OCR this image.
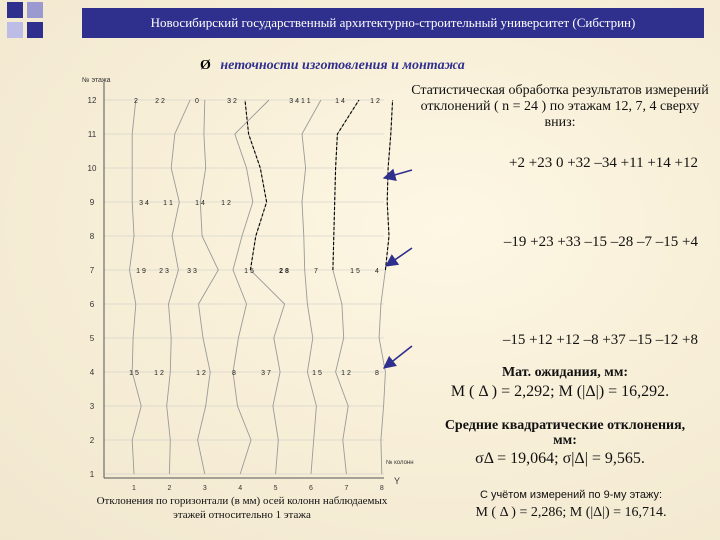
Новосибирский государственный архитектурно-строительный университет (Сибстрин)
Ø неточности изготовления и монтажа
№ этажа
1
2
3
4
5
6
7
8
9
10
11
12
1	2	3	4	5	6	7	8
Y
№ колонн
1 5 1 2	1 2	8	3 7	1 5	1 2	8
1 9 2 3	3 3	1 5	2 8	7	1 5 4
3 4 1 1	1 4 1 2
2 2 2	0	3 2	3 4 1 1	1 4	1 2
Статистическая обработка результатов измерений отклонений ( n = 24 ) по этажам 12, 7, 4 сверху вниз:
+2 +23 0 +32 –34 +11 +14 +12
–19 +23 +33 –15 –28 –7 –15 +4
–15 +12 +12 –8 +37 –15 –12 +8
Мат. ожидания, мм:
M ( Δ ) = 2,292; M (|Δ|) = 16,292.
Средние квадратические отклонения, мм:
σΔ = 19,064; σ|Δ| = 9,565.
Отклонения по горизонтали (в мм) осей колонн наблюдаемых этажей относительно 1 этажа
С учётом измерений по 9-му этажу:
M ( Δ ) = 2,286; M (|Δ|) = 16,714.
